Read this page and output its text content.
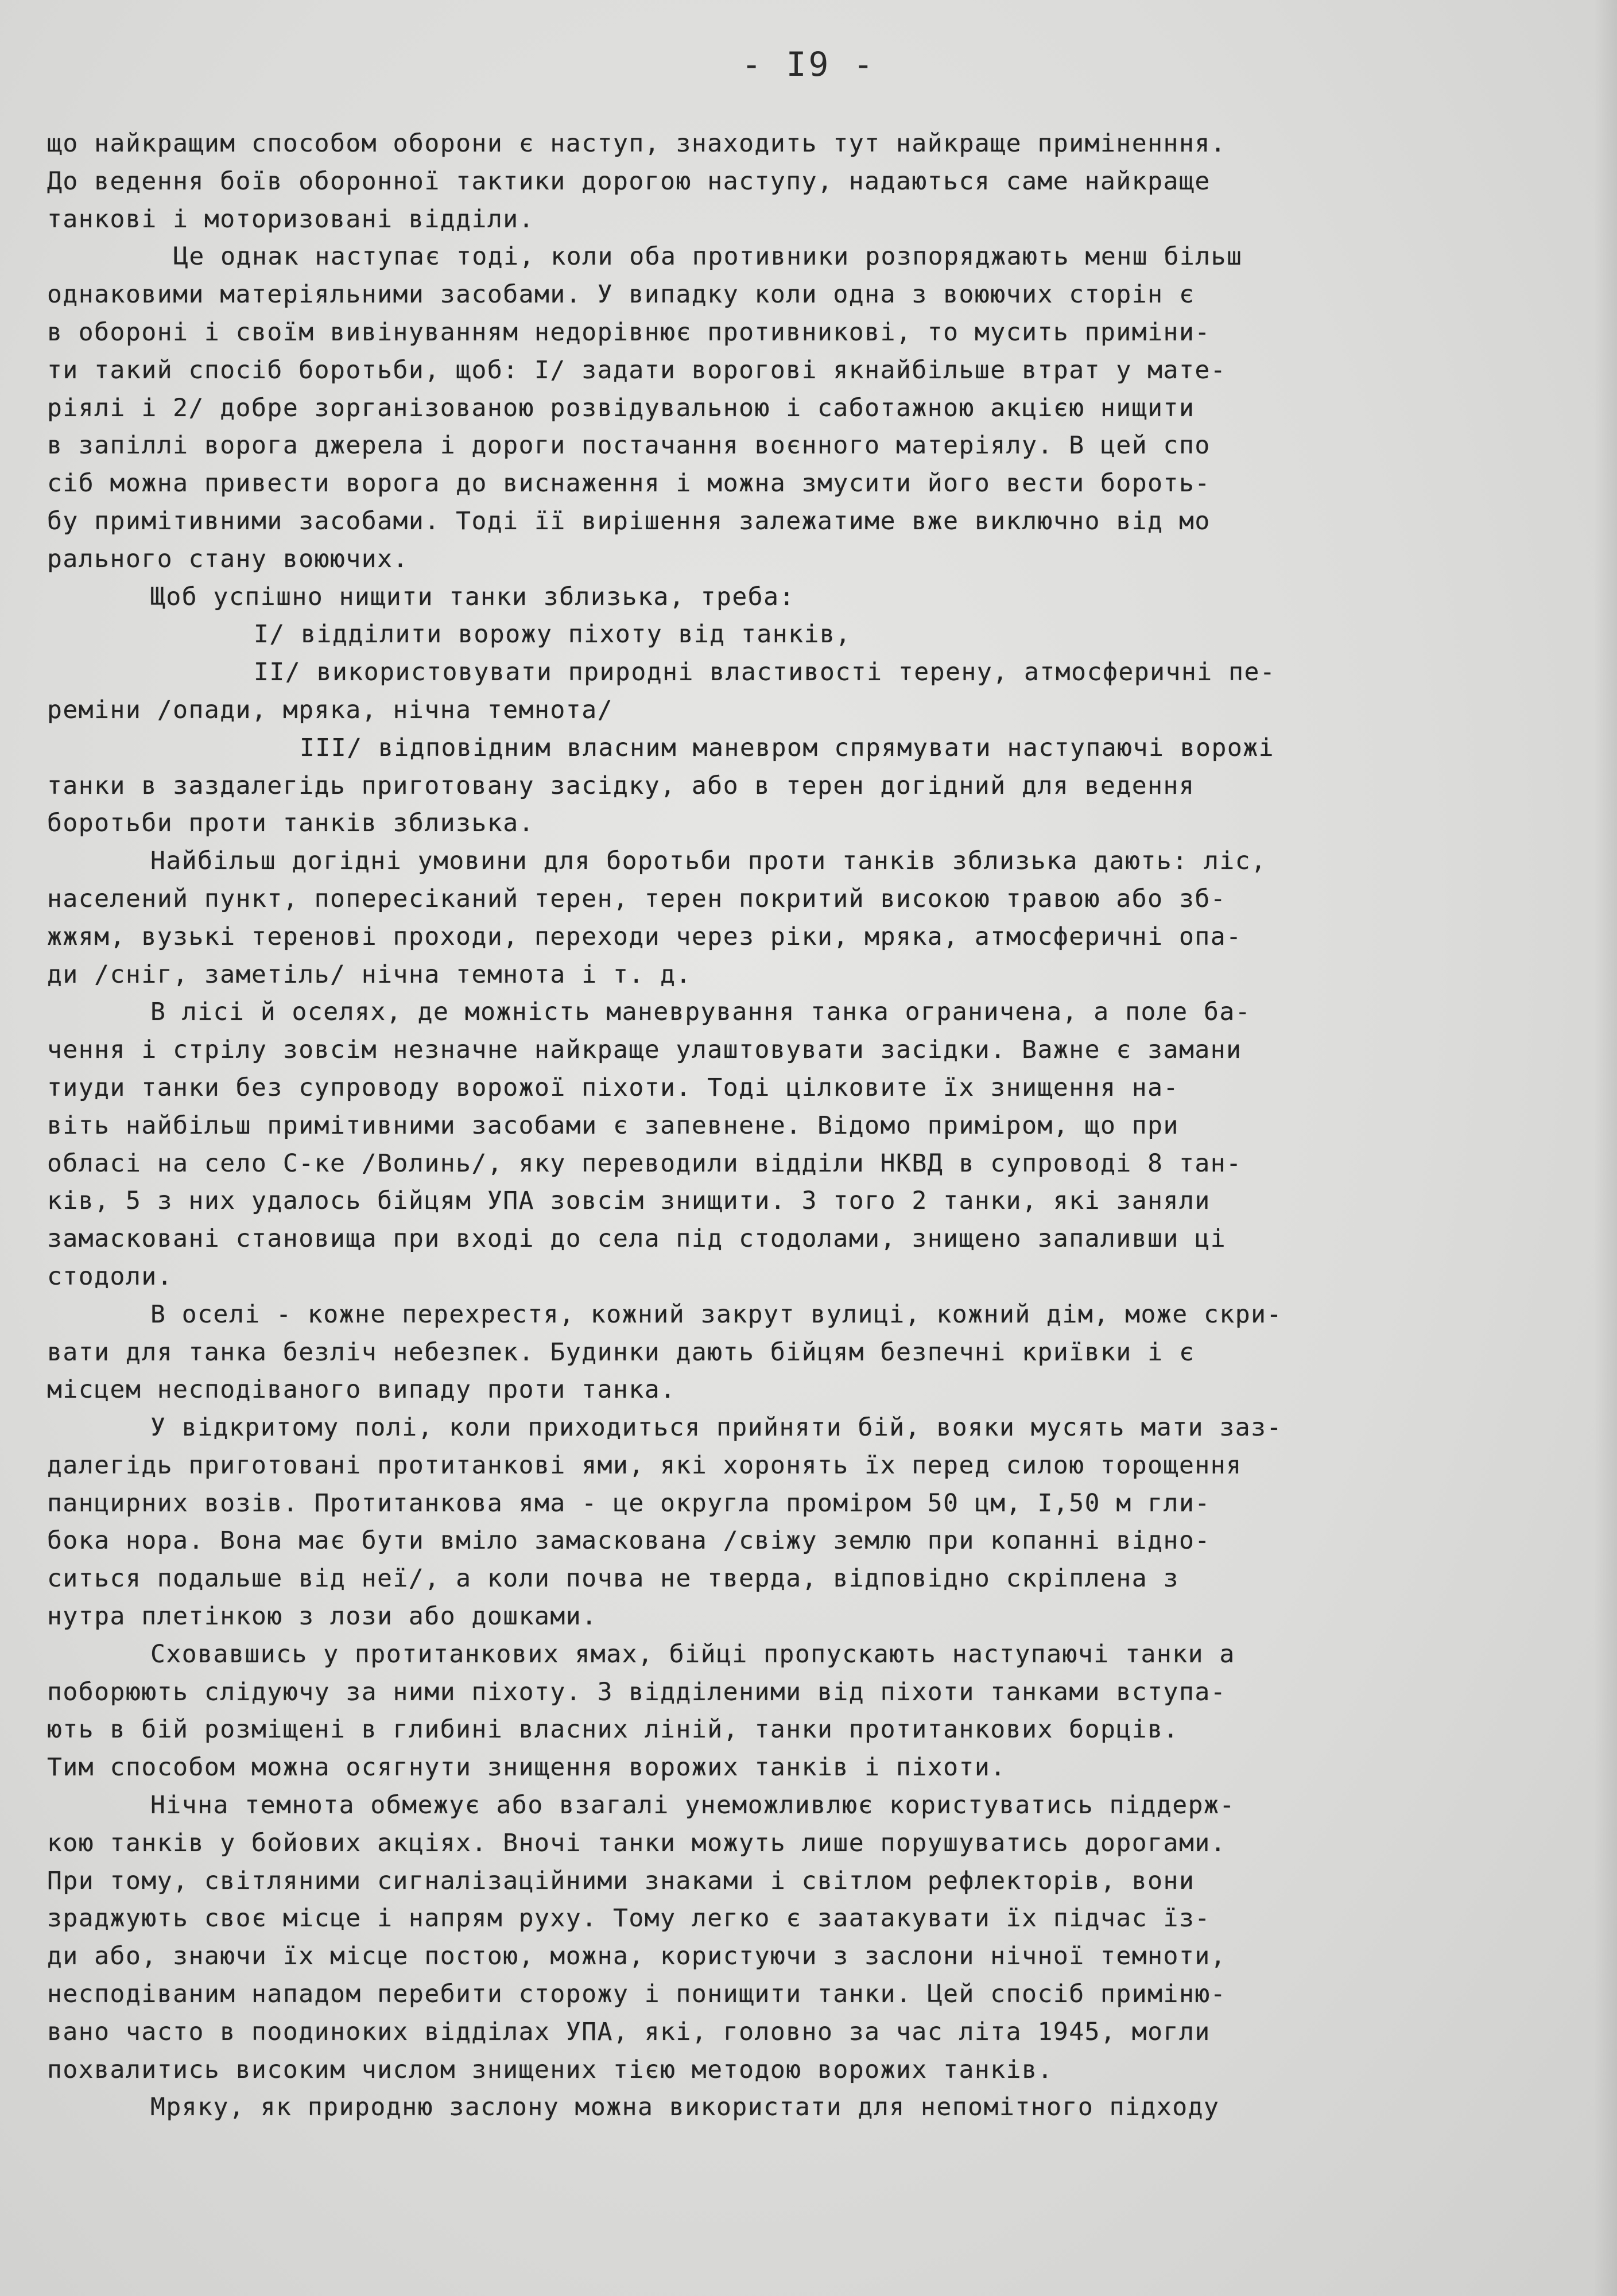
- I9 -
що найкращим способом оборони є наступ, знаходить тут найкраще приміненння.
До ведення боїв оборонної тактики дорогою наступу, надаються саме найкраще
танкові і моторизовані відділи.
Це однак наступає тоді, коли оба противники розпоряджають менш більш
однаковими матеріяльними засобами. У випадку коли одна з воюючих сторін є
в обороні і своїм вивінуванням недорівнює противникові, то мусить приміни-
ти такий спосіб боротьби, щоб: I/ задати ворогові якнайбільше втрат у мате-
ріялі і 2/ добре зорганізованою розвідувальною і саботажною акцією нищити
в запіллі ворога джерела і дороги постачання воєнного матеріялу. В цей спо
сіб можна привести ворога до виснаження і можна змусити його вести бороть-
бу примітивними засобами. Тоді її вирішення залежатиме вже виключно від мо
рального стану воюючих.
Щоб успішно нищити танки зблизька, треба:
I/ відділити ворожу піхоту від танків,
II/ використовувати природні властивості терену, атмосферичні пе-
реміни /опади, мряка, нічна темнота/
III/ відповідним власним маневром спрямувати наступаючі ворожі
танки в заздалегідь приготовану засідку, або в терен догідний для ведення
боротьби проти танків зблизька.
Найбільш догідні умовини для боротьби проти танків зблизька дають: ліс,
населений пункт, попересіканий терен, терен покритий високою травою або зб-
жжям, вузькі теренові проходи, переходи через ріки, мряка, атмосферичні опа-
ди /сніг, заметіль/ нічна темнота і т. д.
В лісі й оселях, де можність маневрування танка ограничена, а поле ба-
чення і стрілу зовсім незначне найкраще улаштовувати засідки. Важне є замани
тиуди танки без супроводу ворожої піхоти. Тоді цілковите їх знищення на-
віть найбільш примітивними засобами є запевнене. Відомо приміром, що при
обласі на село С-ке /Волинь/, яку переводили відділи НКВД в супроводі 8 тан-
ків, 5 з них удалось бійцям УПА зовсім знищити. З того 2 танки, які заняли
замасковані становища при вході до села під стодолами, знищено запаливши ці
стодоли.
В оселі - кожне перехрестя, кожний закрут вулиці, кожний дім, може скри-
вати для танка безліч небезпек. Будинки дають бійцям безпечні криївки і є
місцем несподіваного випаду проти танка.
У відкритому полі, коли приходиться прийняти бій, вояки мусять мати заз-
далегідь приготовані протитанкові ями, які хоронять їх перед силою торощення
панцирних возів. Протитанкова яма - це округла проміром 50 цм, I,50 м гли-
бока нора. Вона має бути вміло замаскована /свіжу землю при копанні відно-
ситься подальше від неї/, а коли почва не тверда, відповідно скріплена з
нутра плетінкою з лози або дошками.
Сховавшись у протитанкових ямах, бійці пропускають наступаючі танки а
поборюють слідуючу за ними піхоту. З відділеними від піхоти танками вступа-
ють в бій розміщені в глибині власних ліній, танки протитанкових борців.
Тим способом можна осягнути знищення ворожих танків і піхоти.
Нічна темнота обмежує або взагалі унеможливлює користуватись піддерж-
кою танків у бойових акціях. Вночі танки можуть лише порушуватись дорогами.
При тому, світляними сигналізаційними знаками і світлом рефлекторів, вони
зраджують своє місце і напрям руху. Тому легко є заатакувати їх підчас їз-
ди або, знаючи їх місце постою, можна, користуючи з заслони нічної темноти,
несподіваним нападом перебити сторожу і понищити танки. Цей спосіб приміню-
вано часто в поодиноких відділах УПА, які, головно за час літа 1945, могли
похвалитись високим числом знищених тією методою ворожих танків.
Мряку, як природню заслону можна використати для непомітного підходу
